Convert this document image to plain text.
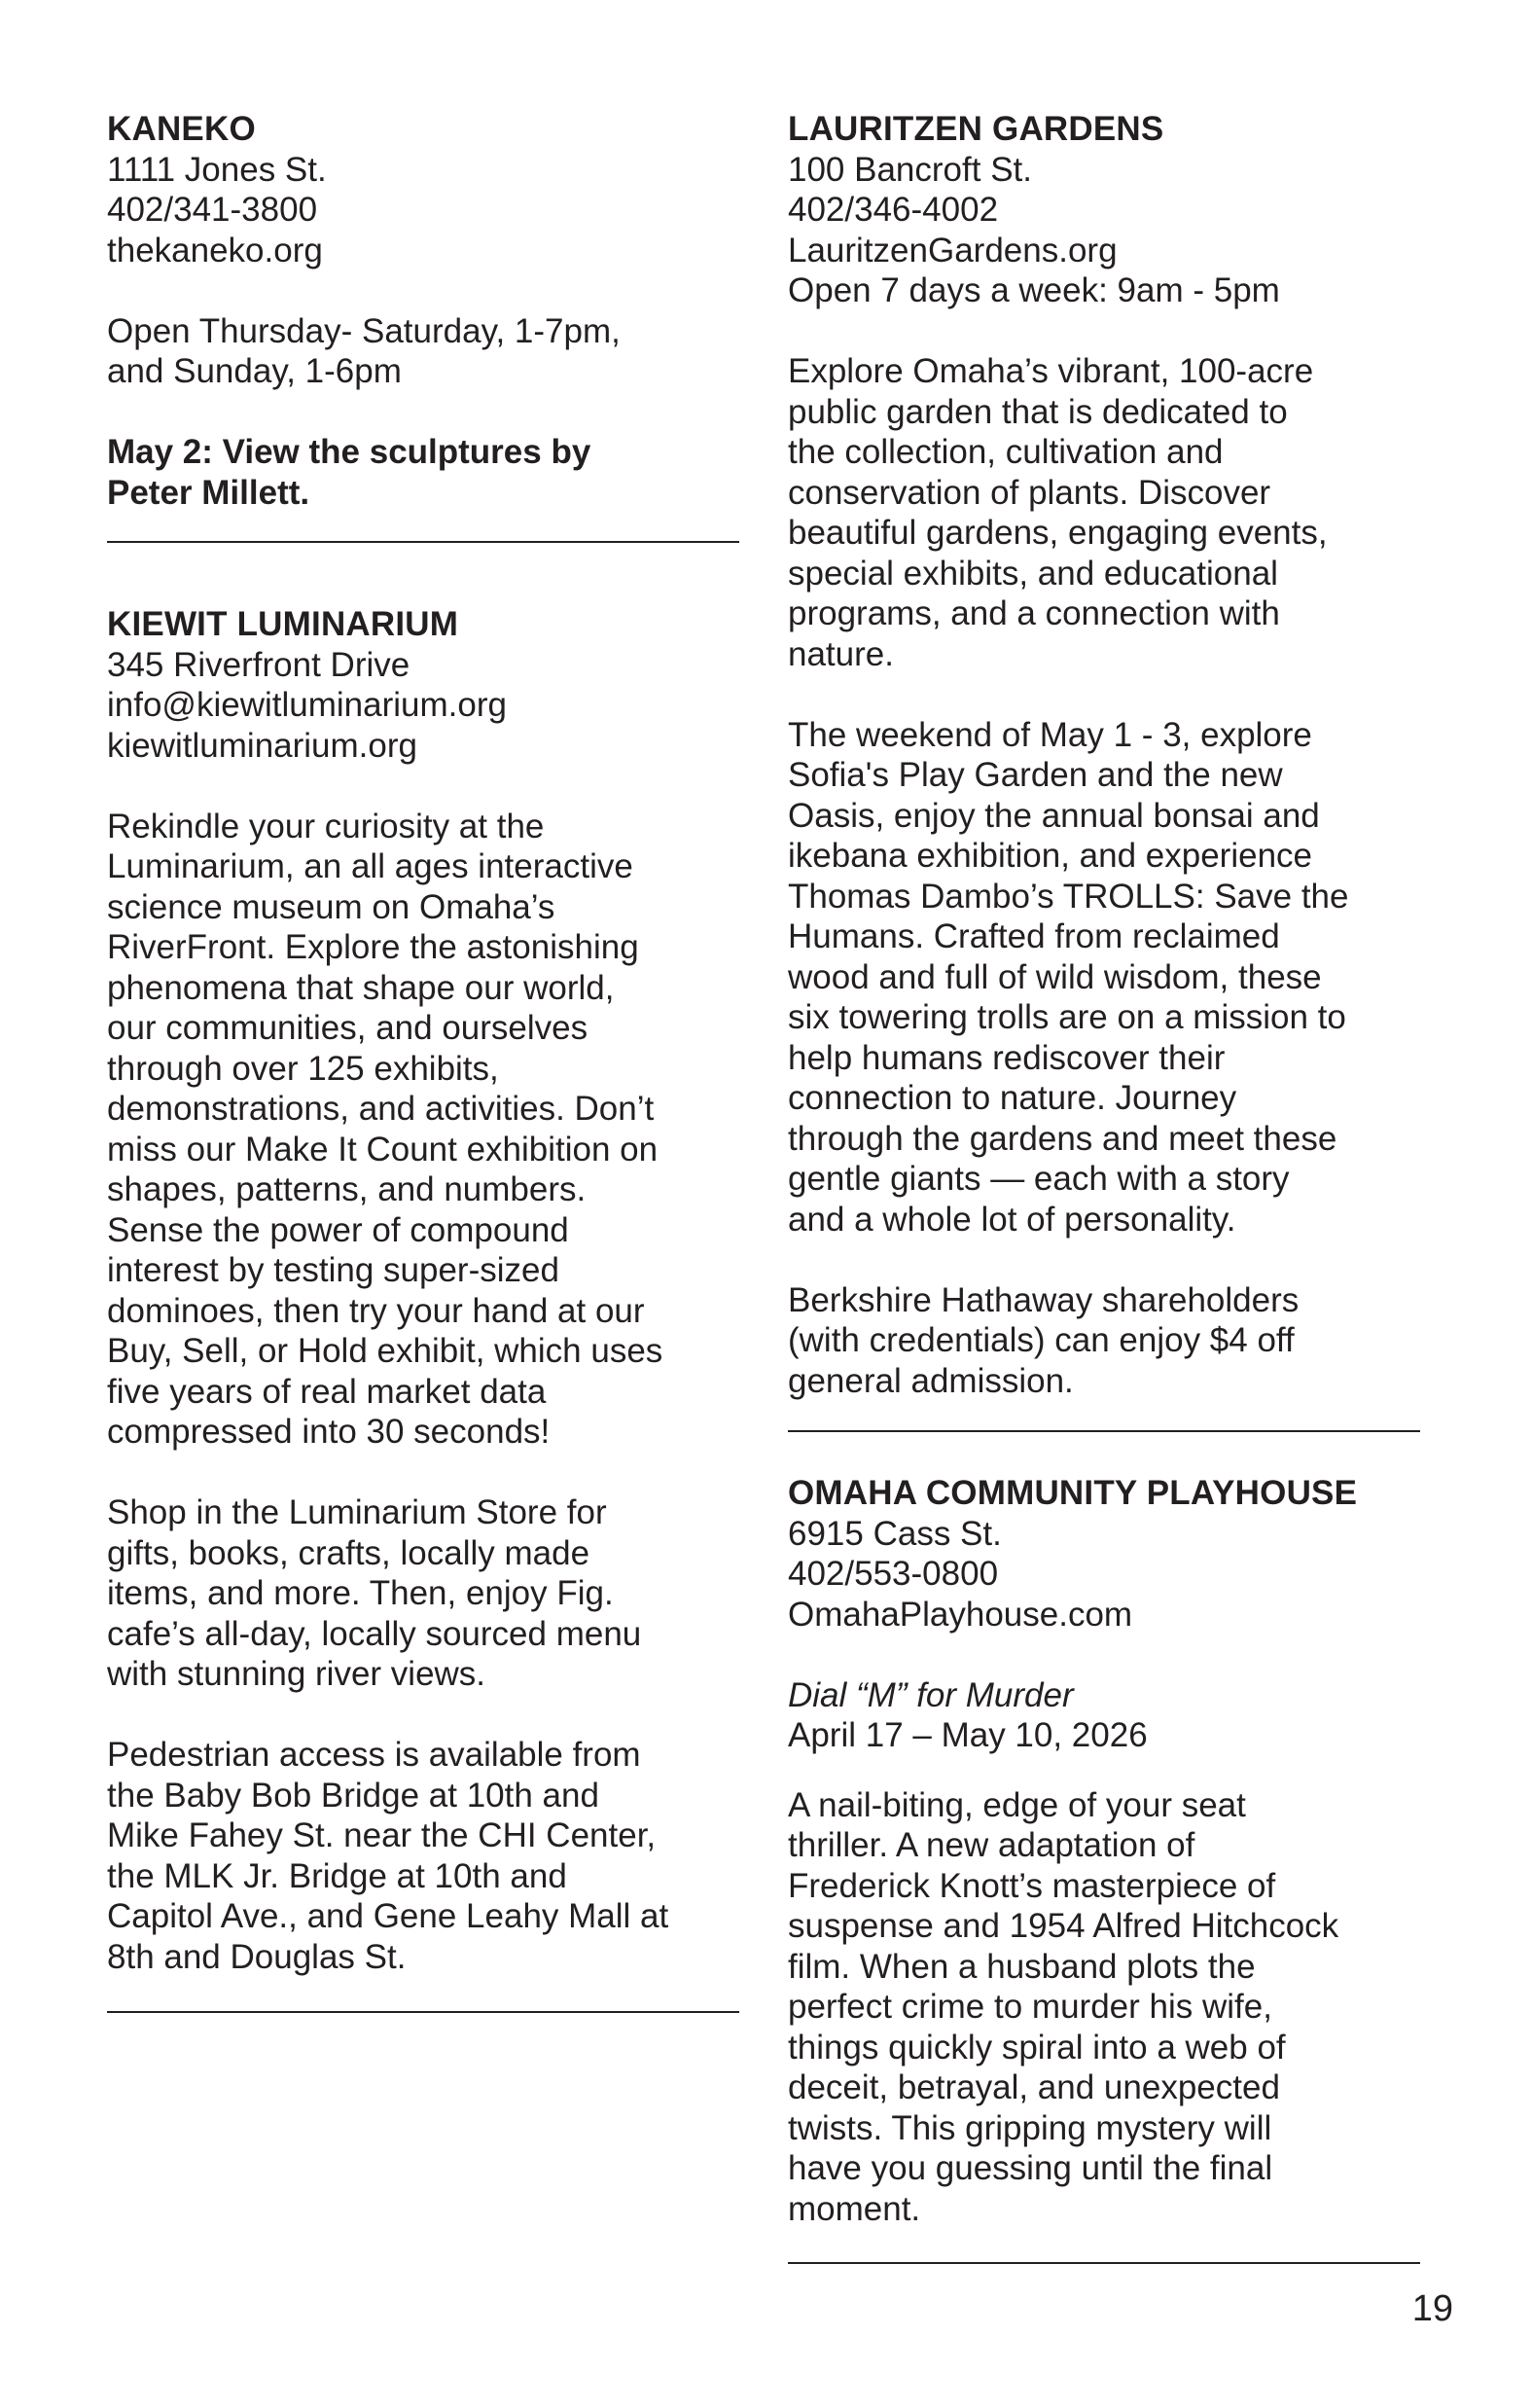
KANEKO

1111 Jones St.

402/341-3800

thekaneko.org

Open Thursday- Saturday, 1-7pm,

and Sunday, 1-6pm

May 2: View the sculptures by

Peter Millett.

KIEWIT LUMINARIUM

345 Riverfront Drive

info@kiewitluminarium.org

kiewitluminarium.org

Rekindle your curiosity at the

Luminarium, an all ages interactive

science museum on Omaha’s

RiverFront. Explore the astonishing

phenomena that shape our world,

our communities, and ourselves

through over 125 exhibits,

demonstrations, and activities. Don’t

miss our Make It Count exhibition on

shapes, patterns, and numbers.

Sense the power of compound

interest by testing super-sized

dominoes, then try your hand at our

Buy, Sell, or Hold exhibit, which uses

five years of real market data

compressed into 30 seconds!

Shop in the Luminarium Store for

gifts, books, crafts, locally made

items, and more. Then, enjoy Fig.

cafe’s all-day, locally sourced menu

with stunning river views.

Pedestrian access is available from

the Baby Bob Bridge at 10th and

Mike Fahey St. near the CHI Center,

the MLK Jr. Bridge at 10th and

Capitol Ave., and Gene Leahy Mall at

8th and Douglas St.

LAURITZEN GARDENS

100 Bancroft St.

402/346-4002

LauritzenGardens.org

Open 7 days a week: 9am - 5pm

Explore Omaha’s vibrant, 100-acre

public garden that is dedicated to

the collection, cultivation and

conservation of plants. Discover

beautiful gardens, engaging events,

special exhibits, and educational

programs, and a connection with

nature.

The weekend of May 1 - 3, explore

Sofia's Play Garden and the new

Oasis, enjoy the annual bonsai and

ikebana exhibition, and experience

Thomas Dambo’s TROLLS: Save the

Humans. Crafted from reclaimed

wood and full of wild wisdom, these

six towering trolls are on a mission to

help humans rediscover their

connection to nature. Journey

through the gardens and meet these

gentle giants — each with a story

and a whole lot of personality.

Berkshire Hathaway shareholders

(with credentials) can enjoy $4 off

general admission.

OMAHA COMMUNITY PLAYHOUSE

6915 Cass St.

402/553-0800

OmahaPlayhouse.com

Dial “M” for Murder

April 17 – May 10, 2026

A nail-biting, edge of your seat

thriller. A new adaptation of

Frederick Knott’s masterpiece of

suspense and 1954 Alfred Hitchcock

film. When a husband plots the

perfect crime to murder his wife,

things quickly spiral into a web of

deceit, betrayal, and unexpected

twists. This gripping mystery will

have you guessing until the final

moment.

19
